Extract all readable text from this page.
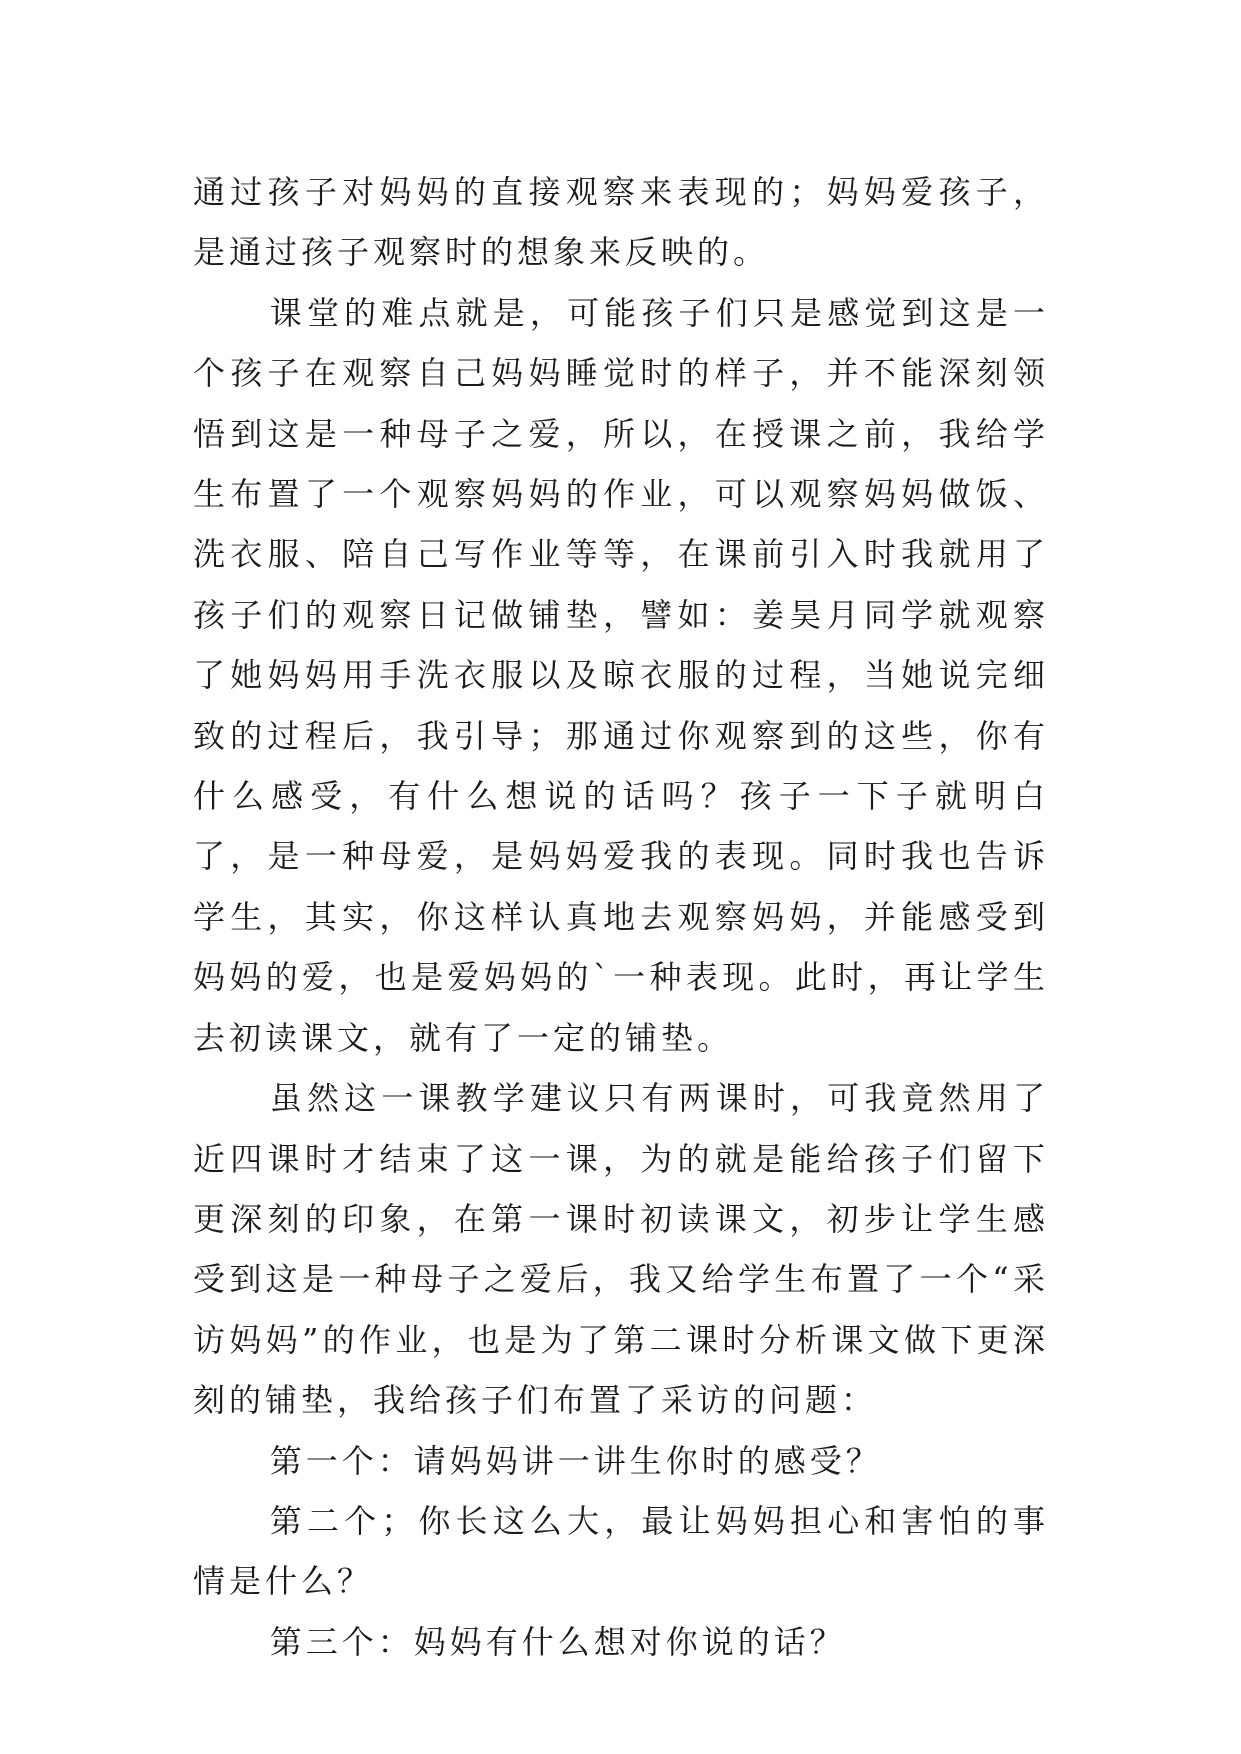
通过孩子对妈妈的直接观察来表现的；妈妈爱孩子，是通过孩子观察时的想象来反映的。

课堂的难点就是，可能孩子们只是感觉到这是一个孩子在观察自己妈妈睡觉时的样子，并不能深刻领悟到这是一种母子之爱，所以，在授课之前，我给学生布置了一个观察妈妈的作业，可以观察妈妈做饭、洗衣服、陪自己写作业等等，在课前引入时我就用了孩子们的观察日记做铺垫，譬如：姜昊月同学就观察了她妈妈用手洗衣服以及晾衣服的过程，当她说完细致的过程后，我引导；那通过你观察到的这些，你有什么感受，有什么想说的话吗？孩子一下子就明白了，是一种母爱，是妈妈爱我的表现。同时我也告诉学生，其实，你这样认真地去观察妈妈，并能感受到妈妈的爱，也是爱妈妈的`一种表现。此时，再让学生去初读课文，就有了一定的铺垫。

虽然这一课教学建议只有两课时，可我竟然用了近四课时才结束了这一课，为的就是能给孩子们留下更深刻的印象，在第一课时初读课文，初步让学生感受到这是一种母子之爱后，我又给学生布置了一个“采访妈妈”的作业，也是为了第二课时分析课文做下更深刻的铺垫，我给孩子们布置了采访的问题：

第一个：请妈妈讲一讲生你时的感受？

第二个；你长这么大，最让妈妈担心和害怕的事情是什么？

第三个：妈妈有什么想对你说的话？
